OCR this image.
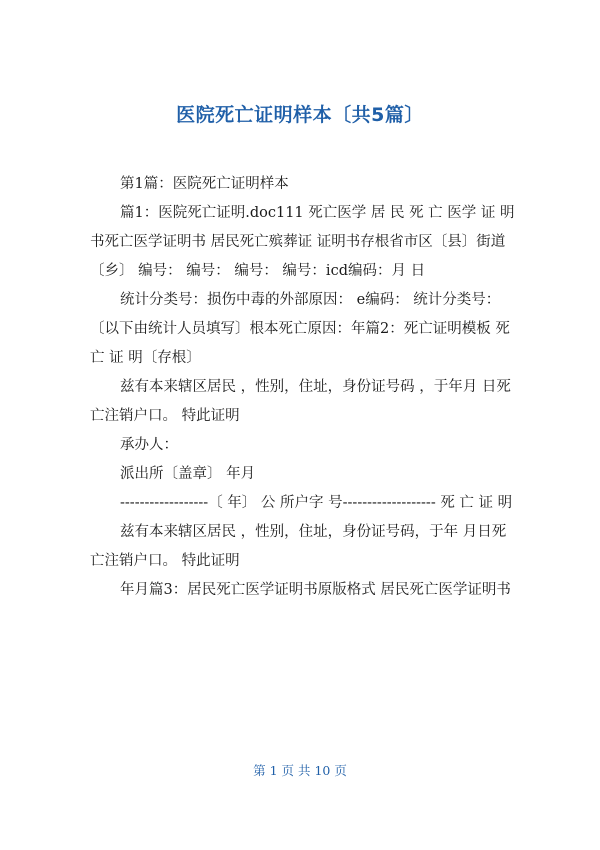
医院死亡证明样本〔共5篇〕

第1篇：医院死亡证明样本

篇1：医院死亡证明.doc111 死亡医学 居 民 死 亡 医学 证 明 书死亡医学证明书 居民死亡殡葬证 证明书存根省市区〔县〕街道〔乡〕 编号： 编号： 编号： 编号：icd编码：月 日

统计分类号：损伤中毒的外部原因： e编码： 统计分类号：〔以下由统计人员填写〕根本死亡原因：年篇2：死亡证明模板 死 亡 证 明〔存根〕

兹有本来辖区居民 ，性别，住址，身份证号码 ，于年月 日死亡注销户口。 特此证明

承办人：

派出所〔盖章〕 年月

------------------〔 年〕 公 所户字 号------------------- 死 亡 证 明

兹有本来辖区居民 ，性别，住址，身份证号码，于年 月日死亡注销户口。 特此证明

年月篇3：居民死亡医学证明书原版格式 居民死亡医学证明书

第 1 页 共 10 页
